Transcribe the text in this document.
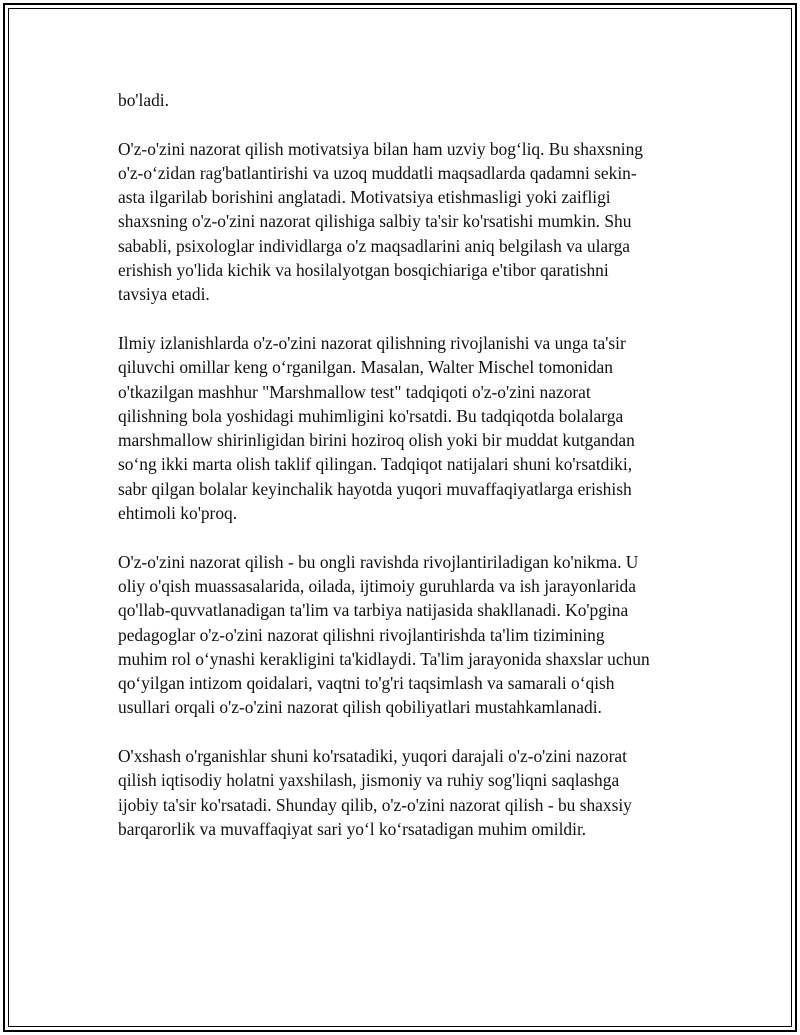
bo'ladi.

O'z-o'zini nazorat qilish motivatsiya bilan ham uzviy bog‘liq. Bu shaxsning
o'z-o‘zidan rag'batlantirishi va uzoq muddatli maqsadlarda qadamni sekin-
asta ilgarilab borishini anglatadi. Motivatsiya etishmasligi yoki zaifligi
shaxsning o'z-o'zini nazorat qilishiga salbiy ta'sir ko'rsatishi mumkin. Shu
sababli, psixologlar individlarga o'z maqsadlarini aniq belgilash va ularga
erishish yo'lida kichik va hosilalyotgan bosqichiariga e'tibor qaratishni
tavsiya etadi.

Ilmiy izlanishlarda o'z-o'zini nazorat qilishning rivojlanishi va unga ta'sir
qiluvchi omillar keng o‘rganilgan. Masalan, Walter Mischel tomonidan
o'tkazilgan mashhur "Marshmallow test" tadqiqoti o'z-o'zini nazorat
qilishning bola yoshidagi muhimligini ko'rsatdi. Bu tadqiqotda bolalarga
marshmallow shirinligidan birini hoziroq olish yoki bir muddat kutgandan
so‘ng ikki marta olish taklif qilingan. Tadqiqot natijalari shuni ko'rsatdiki,
sabr qilgan bolalar keyinchalik hayotda yuqori muvaffaqiyatlarga erishish
ehtimoli ko'proq.

O'z-o'zini nazorat qilish - bu ongli ravishda rivojlantiriladigan ko'nikma. U
oliy o'qish muassasalarida, oilada, ijtimoiy guruhlarda va ish jarayonlarida
qo'llab-quvvatlanadigan ta'lim va tarbiya natijasida shakllanadi. Ko'pgina
pedagoglar o'z-o'zini nazorat qilishni rivojlantirishda ta'lim tizimining
muhim rol o‘ynashi kerakligini ta'kidlaydi. Ta'lim jarayonida shaxslar uchun
qo‘yilgan intizom qoidalari, vaqtni to'g'ri taqsimlash va samarali o‘qish
usullari orqali o'z-o'zini nazorat qilish qobiliyatlari mustahkamlanadi.

O'xshash o'rganishlar shuni ko'rsatadiki, yuqori darajali o'z-o'zini nazorat
qilish iqtisodiy holatni yaxshilash, jismoniy va ruhiy sog'liqni saqlashga
ijobiy ta'sir ko'rsatadi. Shunday qilib, o'z-o'zini nazorat qilish - bu shaxsiy
barqarorlik va muvaffaqiyat sari yo‘l ko‘rsatadigan muhim omildir.
